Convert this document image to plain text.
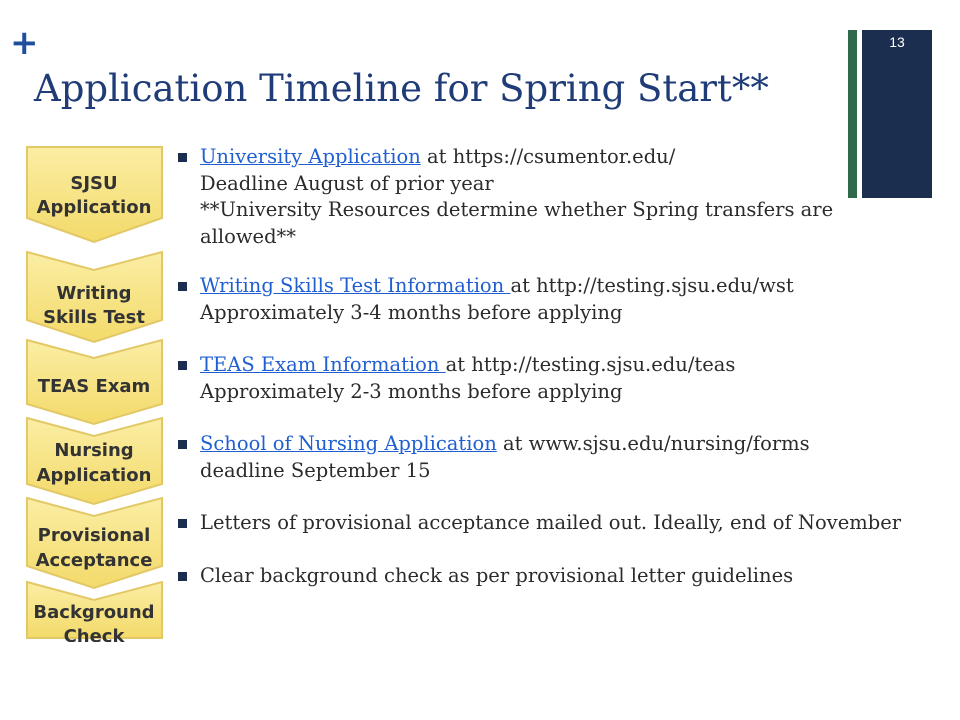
+
Application Timeline for Spring Start**
13
SJSU
Application
Writing
Skills Test
TEAS Exam
Nursing
Application
Provisional
Acceptance
Background
Check
University Application at https://csumentor.edu/
Deadline August of prior year
**University Resources determine whether Spring transfers are allowed**
Writing Skills Test Information at http://testing.sjsu.edu/wst
Approximately 3-4 months before applying
TEAS Exam Information at http://testing.sjsu.edu/teas
Approximately 2-3 months before applying
School of Nursing Application at www.sjsu.edu/nursing/forms
deadline September 15
Letters of provisional acceptance mailed out. Ideally, end of November
Clear background check as per provisional letter guidelines
